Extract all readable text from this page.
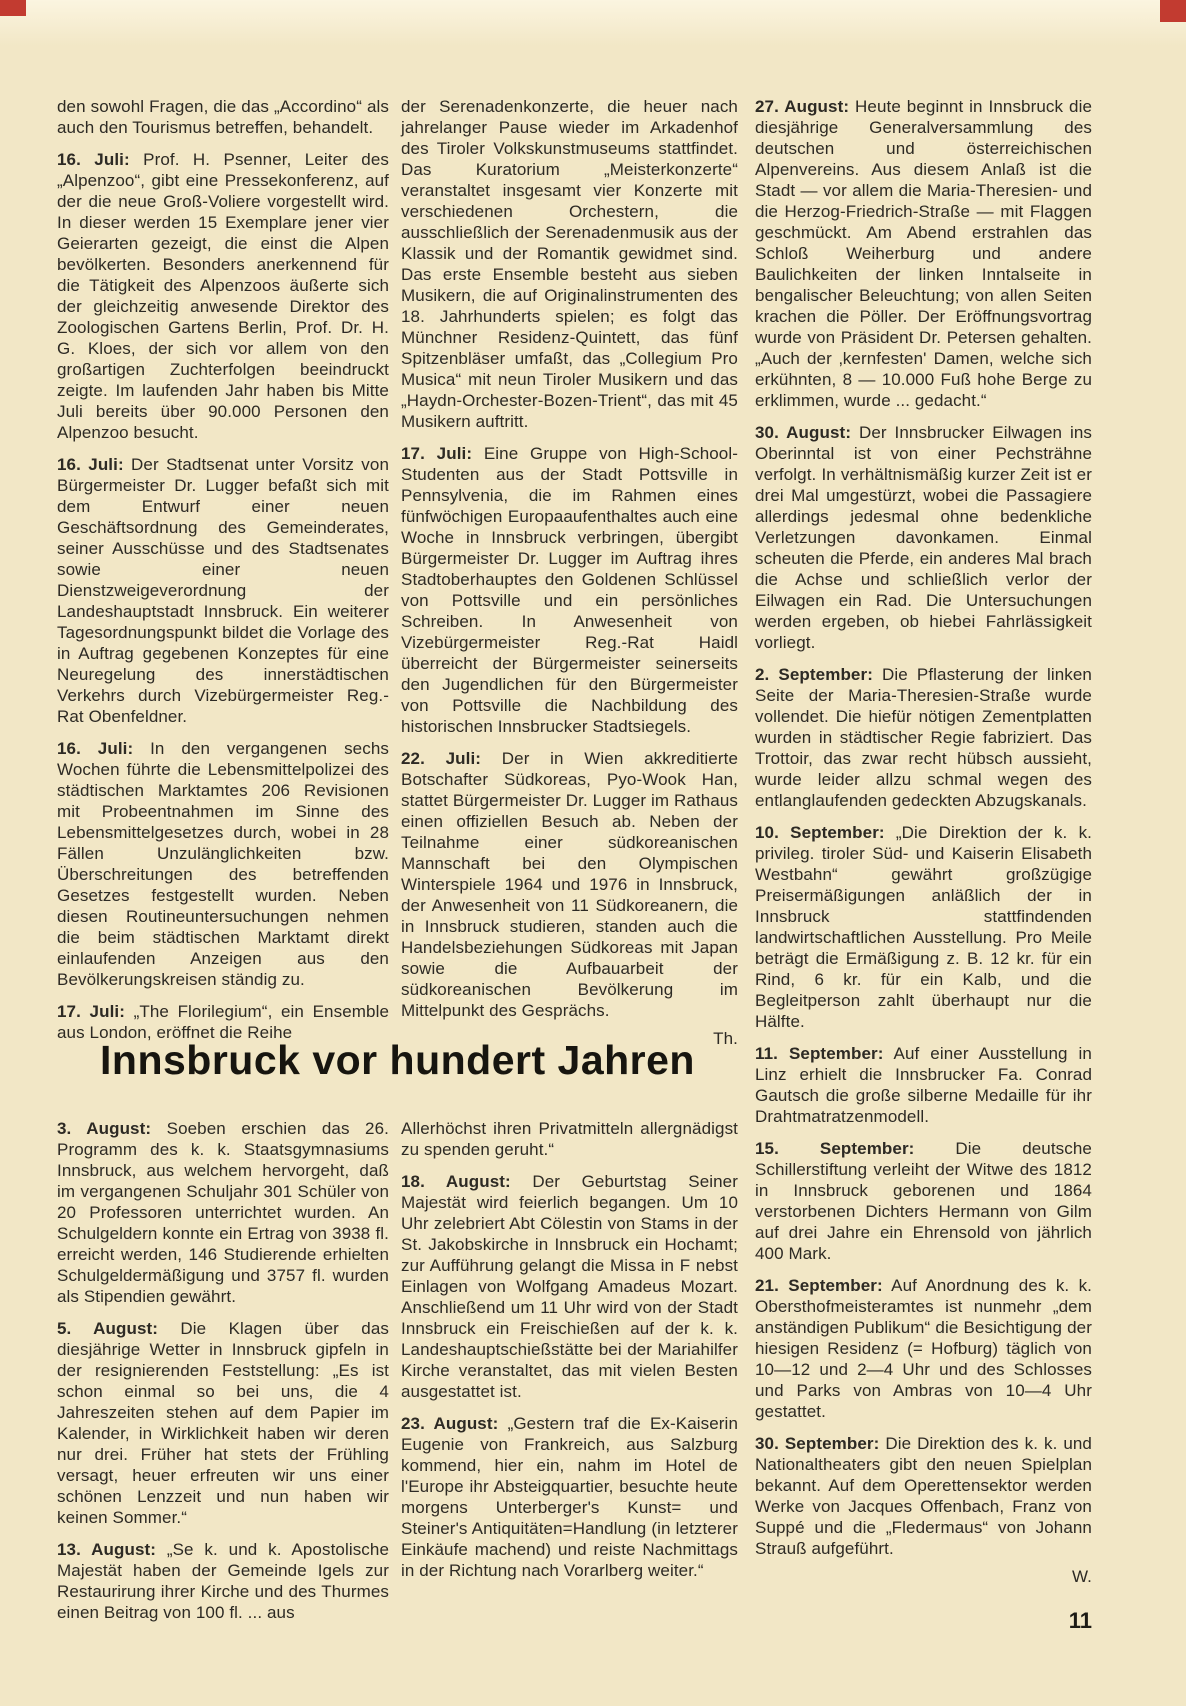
den sowohl Fragen, die das „Accordino“ als auch den Tourismus betreffen, behandelt.

16. Juli: Prof. H. Psenner, Leiter des „Alpenzoo“, gibt eine Pressekonferenz, auf der die neue Groß-Voliere vorgestellt wird. In dieser werden 15 Exemplare jener vier Geierarten gezeigt, die einst die Alpen bevölkerten. Besonders anerkennend für die Tätigkeit des Alpenzoos äußerte sich der gleichzeitig anwesende Direktor des Zoologischen Gartens Berlin, Prof. Dr. H. G. Kloes, der sich vor allem von den großartigen Zuchterfolgen beeindruckt zeigte. Im laufenden Jahr haben bis Mitte Juli bereits über 90.000 Personen den Alpenzoo besucht.

16. Juli: Der Stadtsenat unter Vorsitz von Bürgermeister Dr. Lugger befaßt sich mit dem Entwurf einer neuen Geschäftsordnung des Gemeinderates, seiner Ausschüsse und des Stadtsenates sowie einer neuen Dienstzweigeverordnung der Landeshauptstadt Innsbruck. Ein weiterer Tagesordnungspunkt bildet die Vorlage des in Auftrag gegebenen Konzeptes für eine Neuregelung des innerstädtischen Verkehrs durch Vizebürgermeister Reg.-Rat Obenfeldner.

16. Juli: In den vergangenen sechs Wochen führte die Lebensmittelpolizei des städtischen Marktamtes 206 Revisionen mit Probeentnahmen im Sinne des Lebensmittelgesetzes durch, wobei in 28 Fällen Unzulänglichkeiten bzw. Überschreitungen des betreffenden Gesetzes festgestellt wurden. Neben diesen Routineuntersuchungen nehmen die beim städtischen Marktamt direkt einlaufenden Anzeigen aus den Bevölkerungskreisen ständig zu.

17. Juli: „The Florilegium“, ein Ensemble aus London, eröffnet die Reihe

der Serenadenkonzerte, die heuer nach jahrelanger Pause wieder im Arkadenhof des Tiroler Volkskunstmuseums stattfindet. Das Kuratorium „Meisterkonzerte“ veranstaltet insgesamt vier Konzerte mit verschiedenen Orchestern, die ausschließlich der Serenadenmusik aus der Klassik und der Romantik gewidmet sind. Das erste Ensemble besteht aus sieben Musikern, die auf Originalinstrumenten des 18. Jahrhunderts spielen; es folgt das Münchner Residenz-Quintett, das fünf Spitzenbläser umfaßt, das „Collegium Pro Musica“ mit neun Tiroler Musikern und das „Haydn-Orchester-Bozen-Trient“, das mit 45 Musikern auftritt.

17. Juli: Eine Gruppe von High-School-Studenten aus der Stadt Pottsville in Pennsylvenia, die im Rahmen eines fünfwöchigen Europaaufenthaltes auch eine Woche in Innsbruck verbringen, übergibt Bürgermeister Dr. Lugger im Auftrag ihres Stadtoberhauptes den Goldenen Schlüssel von Pottsville und ein persönliches Schreiben. In Anwesenheit von Vizebürgermeister Reg.-Rat Haidl überreicht der Bürgermeister seinerseits den Jugendlichen für den Bürgermeister von Pottsville die Nachbildung des historischen Innsbrucker Stadtsiegels.

22. Juli: Der in Wien akkreditierte Botschafter Südkoreas, Pyo-Wook Han, stattet Bürgermeister Dr. Lugger im Rathaus einen offiziellen Besuch ab. Neben der Teilnahme einer südkoreanischen Mannschaft bei den Olympischen Winterspiele 1964 und 1976 in Innsbruck, der Anwesenheit von 11 Südkoreanern, die in Innsbruck studieren, standen auch die Handelsbeziehungen Südkoreas mit Japan sowie die Aufbauarbeit der südkoreanischen Bevölkerung im Mittelpunkt des Gesprächs.

Th.

27. August: Heute beginnt in Innsbruck die diesjährige Generalversammlung des deutschen und österreichischen Alpenvereins. Aus diesem Anlaß ist die Stadt — vor allem die Maria-Theresien- und die Herzog-Friedrich-Straße — mit Flaggen geschmückt. Am Abend erstrahlen das Schloß Weiherburg und andere Baulichkeiten der linken Inntalseite in bengalischer Beleuchtung; von allen Seiten krachen die Pöller. Der Eröffnungsvortrag wurde von Präsident Dr. Petersen gehalten. „Auch der ‚kernfesten' Damen, welche sich erkühnten, 8 — 10.000 Fuß hohe Berge zu erklimmen, wurde ... gedacht.“

30. August: Der Innsbrucker Eilwagen ins Oberinntal ist von einer Pechsträhne verfolgt. In verhältnismäßig kurzer Zeit ist er drei Mal umgestürzt, wobei die Passagiere allerdings jedesmal ohne bedenkliche Verletzungen davonkamen. Einmal scheuten die Pferde, ein anderes Mal brach die Achse und schließlich verlor der Eilwagen ein Rad. Die Untersuchungen werden ergeben, ob hiebei Fahrlässigkeit vorliegt.

2. September: Die Pflasterung der linken Seite der Maria-Theresien-Straße wurde vollendet. Die hiefür nötigen Zementplatten wurden in städtischer Regie fabriziert. Das Trottoir, das zwar recht hübsch aussieht, wurde leider allzu schmal wegen des entlanglaufenden gedeckten Abzugskanals.

10. September: „Die Direktion der k. k. privileg. tiroler Süd- und Kaiserin Elisabeth Westbahn“ gewährt großzügige Preisermäßigungen anläßlich der in Innsbruck stattfindenden landwirtschaftlichen Ausstellung. Pro Meile beträgt die Ermäßigung z. B. 12 kr. für ein Rind, 6 kr. für ein Kalb, und die Begleitperson zahlt überhaupt nur die Hälfte.

11. September: Auf einer Ausstellung in Linz erhielt die Innsbrucker Fa. Conrad Gautsch die große silberne Medaille für ihr Drahtmatratzenmodell.

15. September: Die deutsche Schillerstiftung verleiht der Witwe des 1812 in Innsbruck geborenen und 1864 verstorbenen Dichters Hermann von Gilm auf drei Jahre ein Ehrensold von jährlich 400 Mark.

21. September: Auf Anordnung des k. k. Obersthofmeisteramtes ist nunmehr „dem anständigen Publikum“ die Besichtigung der hiesigen Residenz (= Hofburg) täglich von 10—12 und 2—4 Uhr und des Schlosses und Parks von Ambras von 10—4 Uhr gestattet.

30. September: Die Direktion des k. k. und Nationaltheaters gibt den neuen Spielplan bekannt. Auf dem Operettensektor werden Werke von Jacques Offenbach, Franz von Suppé und die „Fledermaus“ von Johann Strauß aufgeführt.

W.

Innsbruck vor hundert Jahren

3. August: Soeben erschien das 26. Programm des k. k. Staatsgymnasiums Innsbruck, aus welchem hervorgeht, daß im vergangenen Schuljahr 301 Schüler von 20 Professoren unterrichtet wurden. An Schulgeldern konnte ein Ertrag von 3938 fl. erreicht werden, 146 Studierende erhielten Schulgeldermäßigung und 3757 fl. wurden als Stipendien gewährt.

5. August: Die Klagen über das diesjährige Wetter in Innsbruck gipfeln in der resignierenden Feststellung: „Es ist schon einmal so bei uns, die 4 Jahreszeiten stehen auf dem Papier im Kalender, in Wirklichkeit haben wir deren nur drei. Früher hat stets der Frühling versagt, heuer erfreuten wir uns einer schönen Lenzzeit und nun haben wir keinen Sommer.“

13. August: „Se k. und k. Apostolische Majestät haben der Gemeinde Igels zur Restaurirung ihrer Kirche und des Thurmes einen Beitrag von 100 fl. ... aus

Allerhöchst ihren Privatmitteln allergnädigst zu spenden geruht.“

18. August: Der Geburtstag Seiner Majestät wird feierlich begangen. Um 10 Uhr zelebriert Abt Cölestin von Stams in der St. Jakobskirche in Innsbruck ein Hochamt; zur Aufführung gelangt die Missa in F nebst Einlagen von Wolfgang Amadeus Mozart. Anschließend um 11 Uhr wird von der Stadt Innsbruck ein Freischießen auf der k. k. Landeshauptschießstätte bei der Mariahilfer Kirche veranstaltet, das mit vielen Besten ausgestattet ist.

23. August: „Gestern traf die Ex-Kaiserin Eugenie von Frankreich, aus Salzburg kommend, hier ein, nahm im Hotel de l'Europe ihr Absteigquartier, besuchte heute morgens Unterberger's Kunst= und Steiner's Antiquitäten=Handlung (in letzterer Einkäufe machend) und reiste Nachmittags in der Richtung nach Vorarlberg weiter.“

11
